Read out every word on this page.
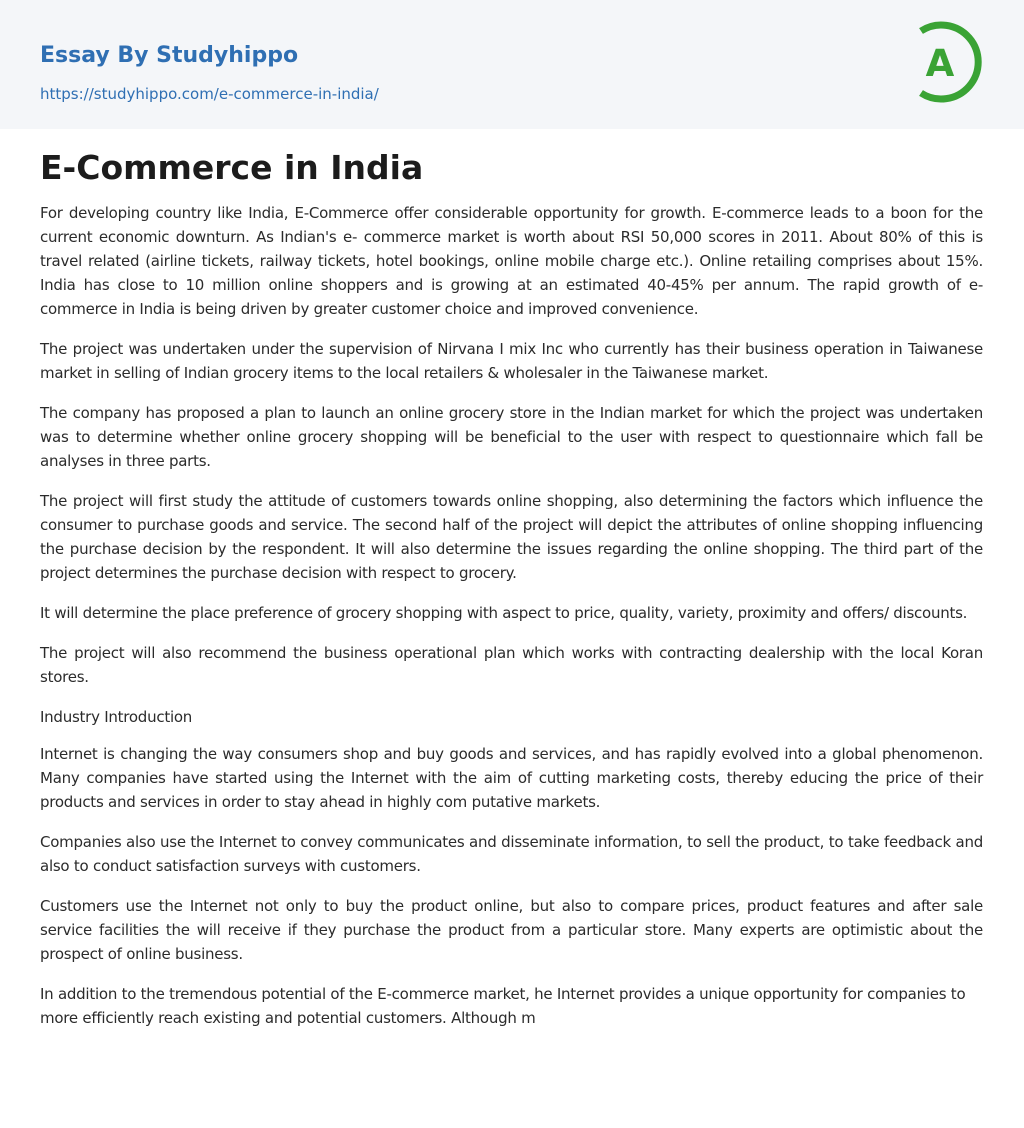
Essay By Studyhippo
https://studyhippo.com/e-commerce-in-india/
A
E-Commerce in India

For developing country like India, E-Commerce offer considerable opportunity for growth. E-commerce leads to a boon for the current economic downturn. As Indian's e- commerce market is worth about RSI 50,000 scores in 2011. About 80% of this is travel related (airline tickets, railway tickets, hotel bookings, online mobile charge etc.). Online retailing comprises about 15%. India has close to 10 million online shoppers and is growing at an estimated 40-45% per annum. The rapid growth of e-commerce in India is being driven by greater customer choice and improved convenience.

The project was undertaken under the supervision of Nirvana I mix Inc who currently has their business operation in Taiwanese market in selling of Indian grocery items to the local retailers & wholesaler in the Taiwanese market.

The company has proposed a plan to launch an online grocery store in the Indian market for which the project was undertaken was to determine whether online grocery shopping will be beneficial to the user with respect to questionnaire which fall be analyses in three parts.

The project will first study the attitude of customers towards online shopping, also determining the factors which influence the consumer to purchase goods and service. The second half of the project will depict the attributes of online shopping influencing the purchase decision by the respondent. It will also determine the issues regarding the online shopping. The third part of the project determines the purchase decision with respect to grocery.

It will determine the place preference of grocery shopping with aspect to price, quality, variety, proximity and offers/ discounts.

The project will also recommend the business operational plan which works with contracting dealership with the local Koran stores.

Industry Introduction

Internet is changing the way consumers shop and buy goods and services, and has rapidly evolved into a global phenomenon. Many companies have started using the Internet with the aim of cutting marketing costs, thereby educing the price of their products and services in order to stay ahead in highly com putative markets.

Companies also use the Internet to convey communicates and disseminate information, to sell the product, to take feedback and also to conduct satisfaction surveys with customers.

Customers use the Internet not only to buy the product online, but also to compare prices, product features and after sale service facilities the will receive if they purchase the product from a particular store. Many experts are optimistic about the prospect of online business.

In addition to the tremendous potential of the E-commerce market, he Internet provides a unique opportunity for companies to more efficiently reach existing and potential customers. Although m
